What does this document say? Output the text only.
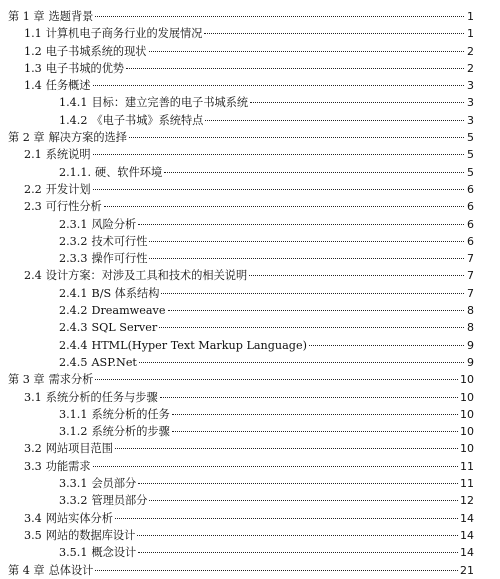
第 1 章 选题背景	1
1.1 计算机电子商务行业的发展情况	1
1.2 电子书城系统的现状	2
1.3 电子书城的优势	2
1.4 任务概述	3
1.4.1 目标：建立完善的电子书城系统	3
1.4.2 《电子书城》系统特点	3
第 2 章 解决方案的选择	5
2.1 系统说明	5
2.1.1. 硬、软件环境	5
2.2 开发计划	6
2.3 可行性分析	6
2.3.1 风险分析	6
2.3.2 技术可行性	6
2.3.3 操作可行性	7
2.4 设计方案：对涉及工具和技术的相关说明	7
2.4.1 B/S 体系结构	7
2.4.2 Dreamweave	8
2.4.3 SQL Server	8
2.4.4 HTML(Hyper Text Markup Language)	9
2.4.5 ASP.Net	9
第 3 章 需求分析	10
3.1 系统分析的任务与步骤	10
3.1.1 系统分析的任务	10
3.1.2 系统分析的步骤	10
3.2 网站项目范围	10
3.3 功能需求	11
3.3.1 会员部分	11
3.3.2 管理员部分	12
3.4 网站实体分析	14
3.5 网站的数据库设计	14
3.5.1 概念设计	14
第 4 章 总体设计	21
